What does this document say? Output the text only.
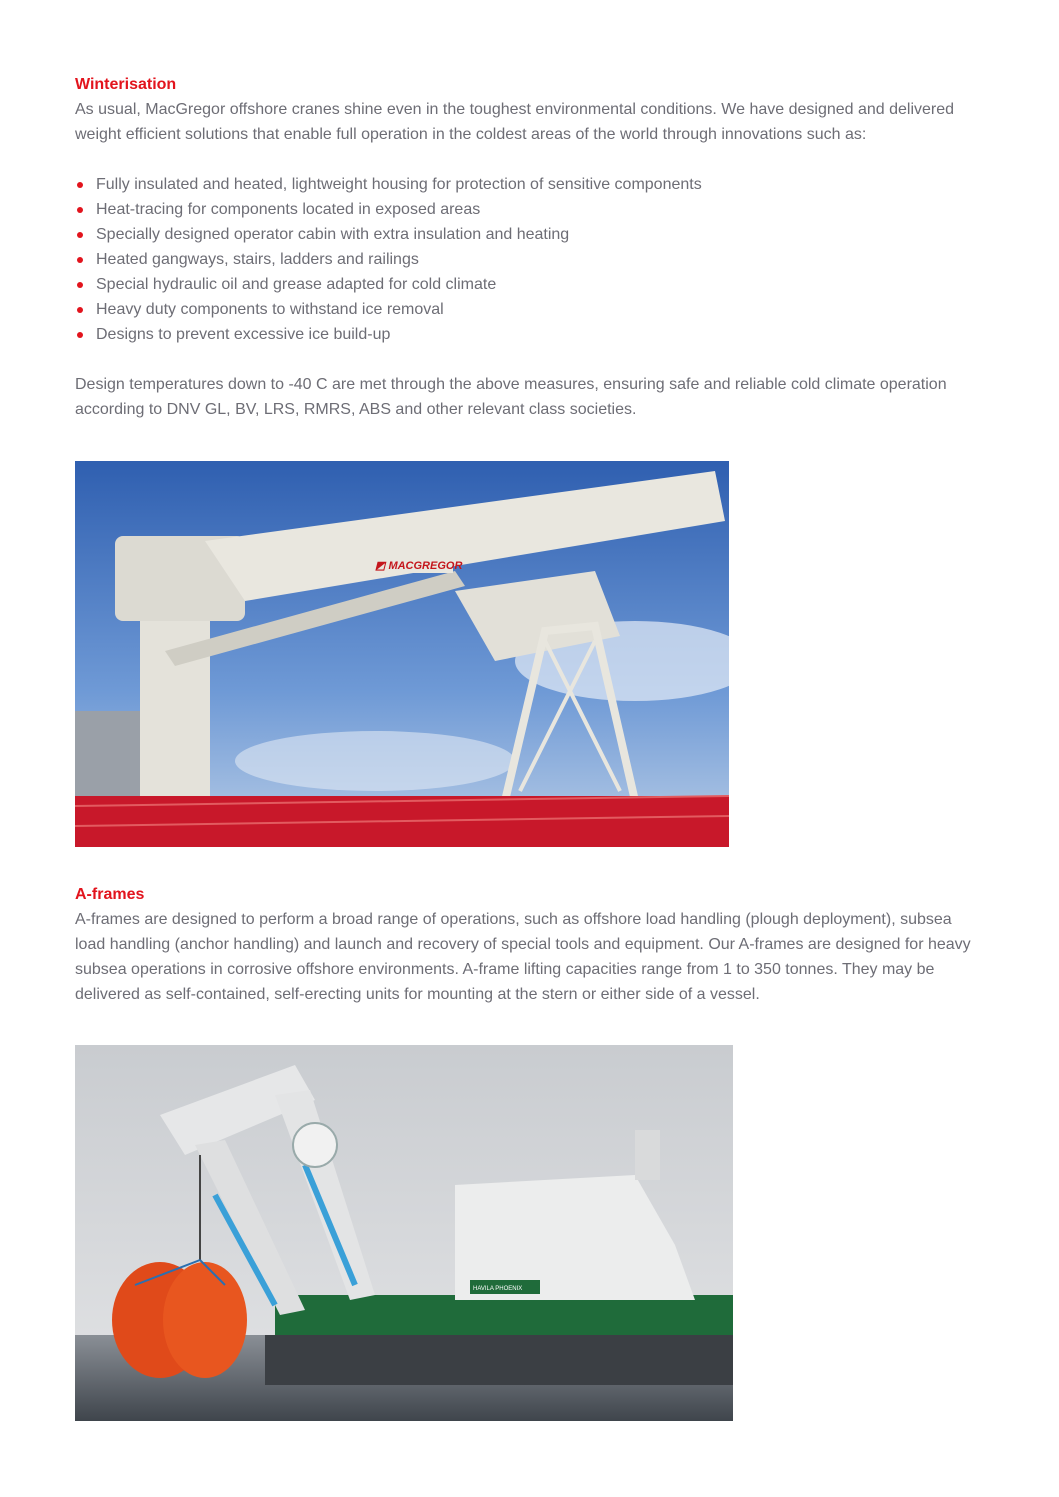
Winterisation

As usual, MacGregor offshore cranes shine even in the toughest environmental conditions. We have designed and delivered weight efficient solutions that enable full operation in the coldest areas of the world through innovations such as:

Fully insulated and heated, lightweight housing for protection of sensitive components
Heat-tracing for components located in exposed areas
Specially designed operator cabin with extra insulation and heating
Heated gangways, stairs, ladders and railings
Special hydraulic oil and grease adapted for cold climate
Heavy duty components to withstand ice removal
Designs to prevent excessive ice build-up

Design temperatures down to -40 C are met through the above measures, ensuring safe and reliable cold climate operation according to DNV GL, BV, LRS, RMRS, ABS and other relevant class societies.

◩ MACGREGOR
A-frames

A-frames are designed to perform a broad range of operations, such as offshore load handling (plough deployment), subsea load handling (anchor handling) and launch and recovery of special tools and equipment. Our A-frames are designed for heavy subsea operations in corrosive offshore environments. A-frame lifting capacities range from 1 to 350 tonnes. They may be delivered as self-contained, self-erecting units for mounting at the stern or either side of a vessel.

HAVILA PHOENIX
